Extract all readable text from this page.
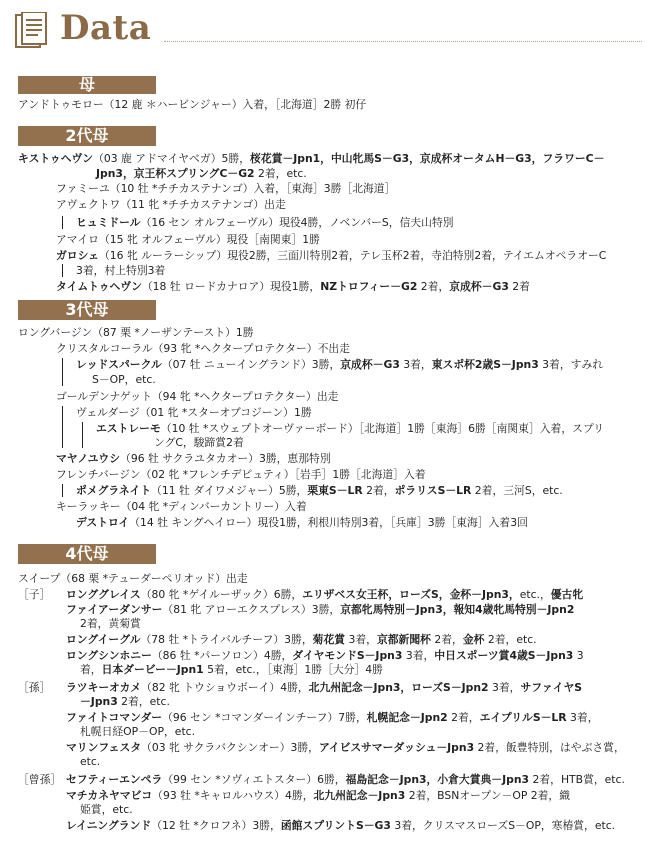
Data
母
アンドトゥモロー（12 鹿 ＊ハービンジャー）入着，［北海道］2勝 初仔
2代母
キストゥヘヴン（03 鹿 アドマイヤベガ）5勝，桜花賞－Jpn1，中山牝馬S－G3，京成杯オータムH－G3，フラワーC－
Jpn3，京王杯スプリングC－G2 2着，etc.
ファミーユ（10 牡 *チチカステナンゴ）入着，［東海］3勝［北海道］
アヴェクトワ（11 牝 *チチカステナンゴ）出走
ヒュミドール（16 セン オルフェーヴル）現役4勝，ノベンバーS，信夫山特別
アマイロ（15 牝 オルフェーヴル）現役［南関東］1勝
ガロシェ（16 牝 ルーラーシップ）現役2勝，三面川特別2着，テレ玉杯2着，寺泊特別2着，テイエムオペラオーC
3着，村上特別3着
タイムトゥヘヴン（18 牡 ロードカナロア）現役1勝，NZトロフィー－G2 2着，京成杯－G3 2着
3代母
ロングバージン（87 栗 *ノーザンテースト）1勝
クリスタルコーラル（93 牝 *ヘクタープロテクター）不出走
レッドスパークル（07 牡 ニューイングランド）3勝，京成杯－G3 3着，東スポ杯2歳S－Jpn3 3着，すみれ
S－OP，etc.
ゴールデンナゲット（94 牝 *ヘクタープロテクター）出走
ヴェルダージ（01 牝 *スターオブコジーン）1勝
エストレーモ（10 牡 *スウェプトオーヴァーボード）［北海道］1勝［東海］6勝［南関東］入着，スプリ
ングC，駿蹄賞2着
マヤノユウシ（96 牡 サクラユタカオー）3勝，恵那特別
フレンチバージン（02 牝 *フレンチデピュティ）［岩手］1勝［北海道］入着
ポメグラネイト（11 牡 ダイワメジャー）5勝，栗東S－LR 2着，ポラリスS－LR 2着，三河S，etc.
キーラッキー（04 牝 *ディンバーカントリー）入着
デストロイ（14 牡 キングヘイロー）現役1勝，利根川特別3着，［兵庫］3勝［東海］入着3回
4代母
スイープ（68 栗 *テューダーペリオッド）出走
［子］ ロンググレイス（80 牝 *ゲイルーザック）6勝，エリザベス女王杯，ローズS，金杯－Jpn3，etc.，優古牝
ファイアーダンサー（81 牝 アローエクスプレス）3勝，京都牝馬特別－Jpn3，報知4歳牝馬特別－Jpn2
2着，黄菊賞
ロングイーグル（78 牡 *トライバルチーフ）3勝，菊花賞 3着，京都新聞杯 2着，金杯 2着，etc.
ロングシンホニー（86 牡 *パーソロン）4勝，ダイヤモンドS－Jpn3 3着，中日スポーツ賞4歳S－Jpn3 3
着，日本ダービー－Jpn1 5着，etc.，［東海］1勝［大分］4勝
［孫］ ラツキーオカメ（82 牝 トウショウボーイ）4勝，北九州記念－Jpn3，ローズS－Jpn2 3着，サファイヤS
－Jpn3 2着，etc.
ファイトコマンダー（96 セン *コマンダーインチーフ）7勝，札幌記念－Jpn2 2着，エイプリルS－LR 3着，
札幌日経OP－OP，etc.
マリンフェスタ（03 牝 サクラバクシンオー）3勝，アイビスサマーダッシュ－Jpn3 2着，飯豊特別，はやぶさ賞，
etc.
［曾孫］ セフティーエンペラ（99 セン *ソヴィエトスター）6勝，福島記念－Jpn3，小倉大賞典－Jpn3 2着，HTB賞，etc.
マチカネヤマビコ（93 牡 *キャロルハウス）4勝，北九州記念－Jpn3 2着，BSNオープン－OP 2着，織
姫賞，etc.
レイニングランド（12 牡 *クロフネ）3勝，函館スプリントS－G3 3着，クリスマスローズS－OP，寒椿賞，etc.
